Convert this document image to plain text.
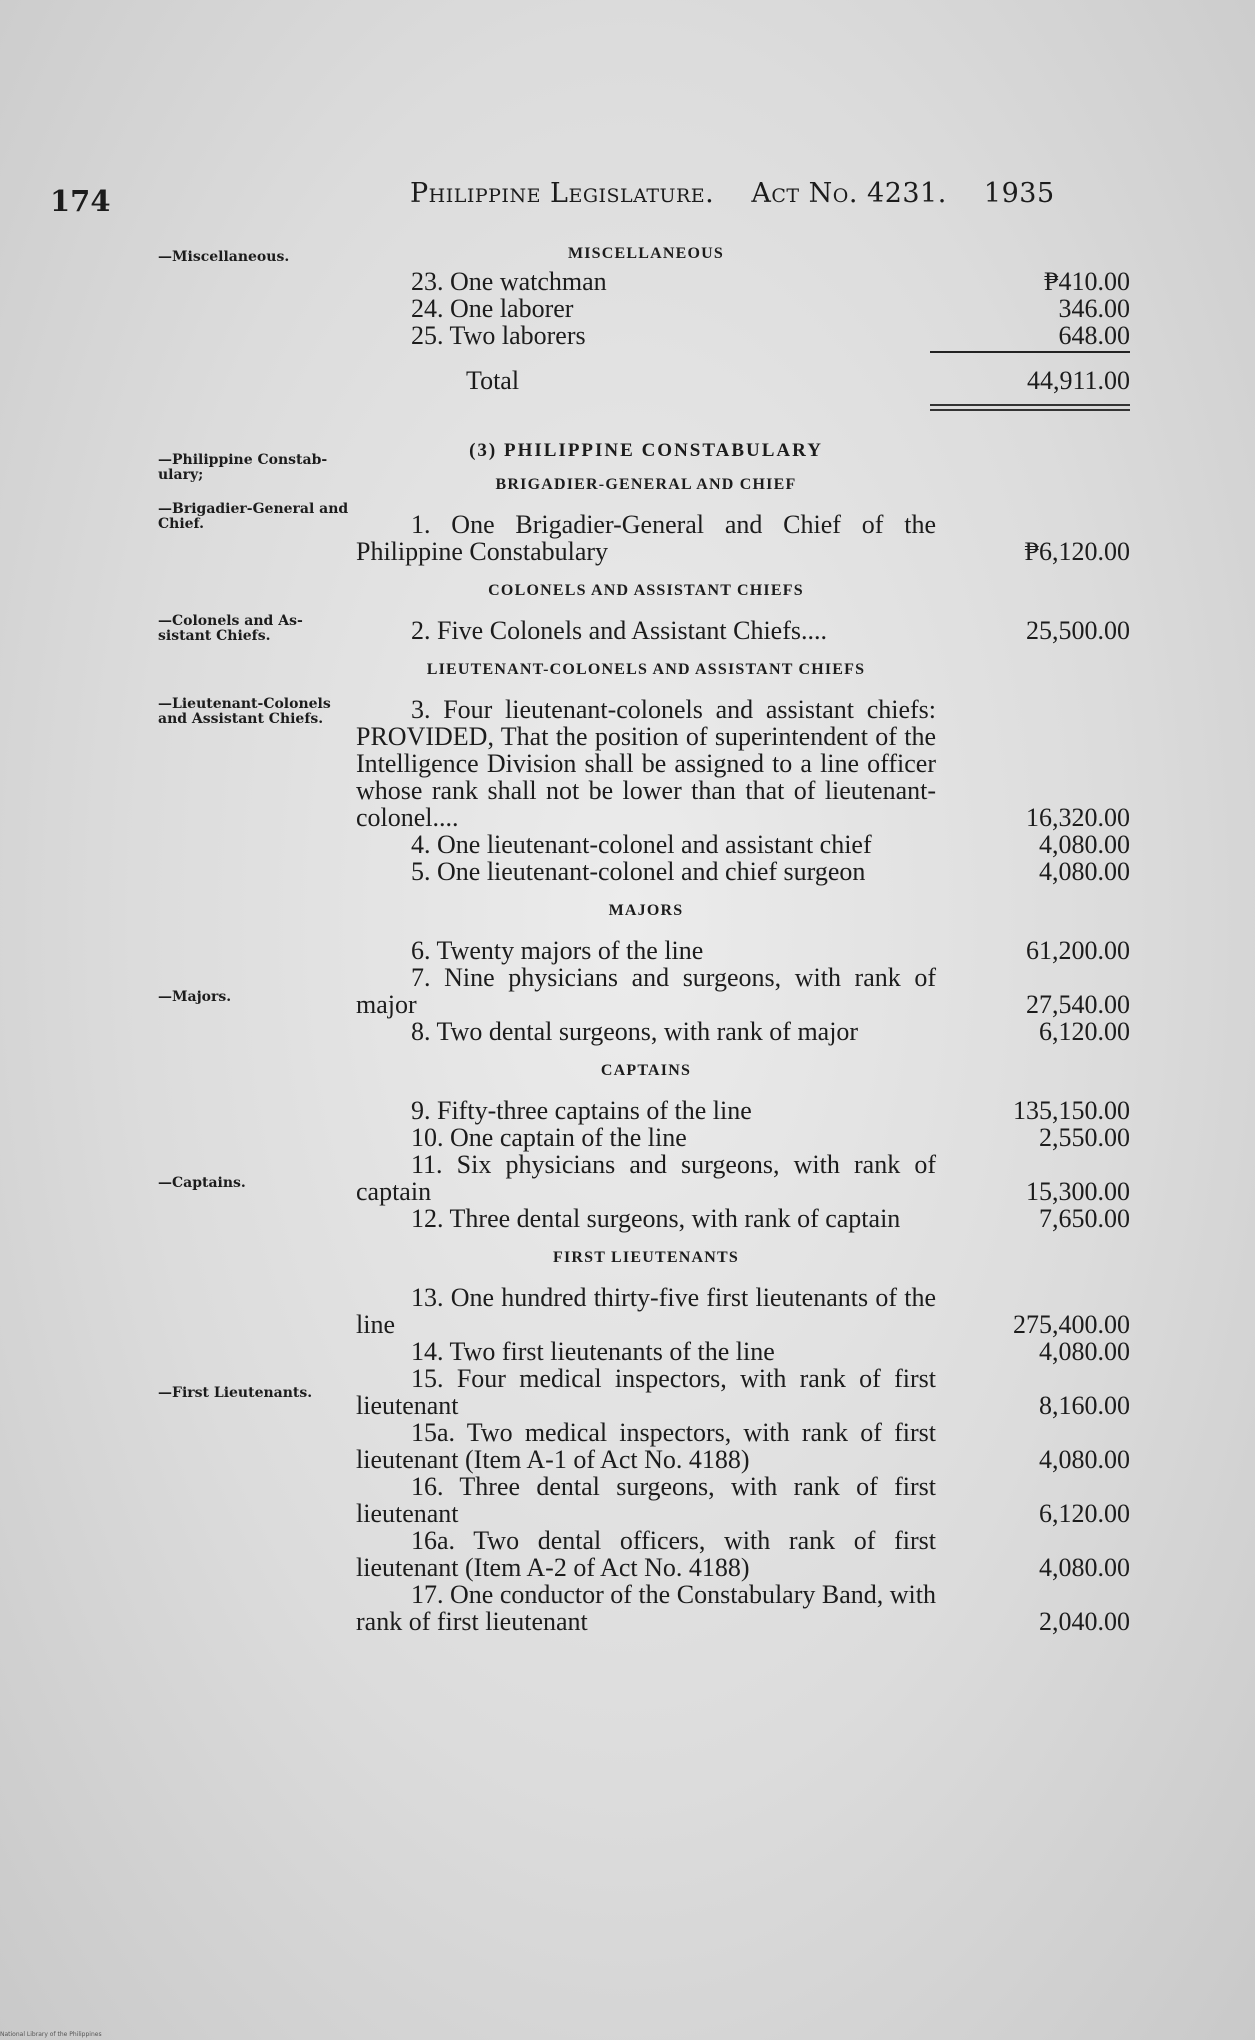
174	Philippine Legislature. Act No. 4231. 1935
—Miscellaneous.
—Philippine Constab- ulary;
—Brigadier-General and Chief.
—Colonels and As- sistant Chiefs.
—Lieutenant-Colonels and Assistant Chiefs.
—Majors.
—Captains.
—First Lieutenants.
MISCELLANEOUS
23. One watchman	₱410.00
24. One laborer	346.00
25. Two laborers	648.00
Total	44,911.00
(3) PHILIPPINE CONSTABULARY
BRIGADIER-GENERAL AND CHIEF
1. One Brigadier-General and Chief of the Philippine Constabulary	₱6,120.00
COLONELS AND ASSISTANT CHIEFS
2. Five Colonels and Assistant Chiefs....	25,500.00
LIEUTENANT-COLONELS AND ASSISTANT CHIEFS
3. Four lieutenant-colonels and assistant chiefs: PROVIDED, That the position of superintendent of the Intelligence Division shall be assigned to a line officer whose rank shall not be lower than that of lieutenant-colonel....	16,320.00
4. One lieutenant-colonel and assistant chief	4,080.00
5. One lieutenant-colonel and chief surgeon	4,080.00
MAJORS
6. Twenty majors of the line	61,200.00
7. Nine physicians and surgeons, with rank of major	27,540.00
8. Two dental surgeons, with rank of major	6,120.00
CAPTAINS
9. Fifty-three captains of the line	135,150.00
10. One captain of the line	2,550.00
11. Six physicians and surgeons, with rank of captain	15,300.00
12. Three dental surgeons, with rank of captain	7,650.00
FIRST LIEUTENANTS
13. One hundred thirty-five first lieutenants of the line	275,400.00
14. Two first lieutenants of the line	4,080.00
15. Four medical inspectors, with rank of first lieutenant	8,160.00
15a. Two medical inspectors, with rank of first lieutenant (Item A-1 of Act No. 4188)	4,080.00
16. Three dental surgeons, with rank of first lieutenant	6,120.00
16a. Two dental officers, with rank of first lieutenant (Item A-2 of Act No. 4188)	4,080.00
17. One conductor of the Constabulary Band, with rank of first lieutenant	2,040.00
National Library of the Philippines
